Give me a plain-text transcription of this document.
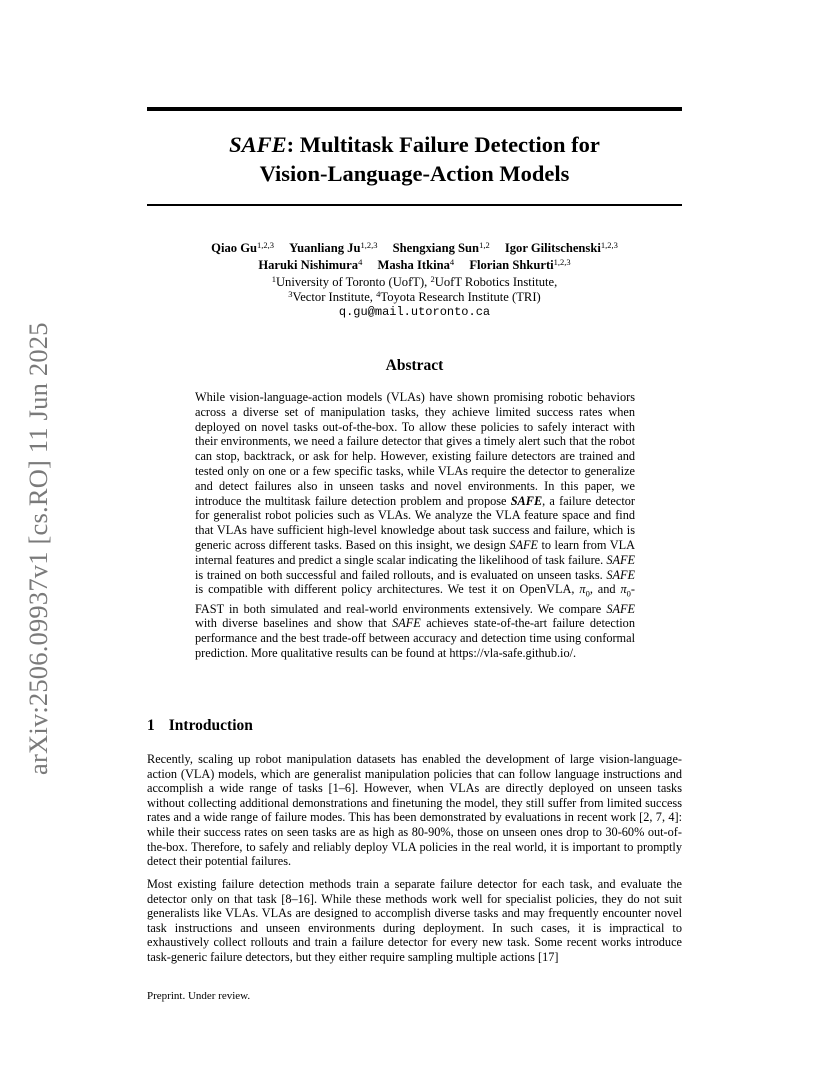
arXiv:2506.09937v1 [cs.RO] 11 Jun 2025
SAFE: Multitask Failure Detection for
Vision-Language-Action Models
Qiao Gu$^{1,2,3}$ Yuanliang Ju$^{1,2,3}$ Shengxiang Sun$^{1,2}$ Igor Gilitschenski$^{1,2,3}$
Haruki Nishimura$^4$ Masha Itkina$^4$ Florian Shkurti$^{1,2,3}$
$^1$University of Toronto (UofT), $^2$UofT Robotics Institute,
$^3$Vector Institute, $^4$Toyota Research Institute (TRI)
q.gu@mail.utoronto.ca
Abstract

While vision-language-action models (VLAs) have shown promising robotic behaviors across a diverse set of manipulation tasks, they achieve limited success rates when deployed on novel tasks out-of-the-box. To allow these policies to safely interact with their environments, we need a failure detector that gives a timely alert such that the robot can stop, backtrack, or ask for help. However, existing failure detectors are trained and tested only on one or a few specific tasks, while VLAs require the detector to generalize and detect failures also in unseen tasks and novel environments. In this paper, we introduce the multitask failure detection problem and propose SAFE, a failure detector for generalist robot policies such as VLAs. We analyze the VLA feature space and find that VLAs have sufficient high-level knowledge about task success and failure, which is generic across different tasks. Based on this insight, we design SAFE to learn from VLA internal features and predict a single scalar indicating the likelihood of task failure. SAFE is trained on both successful and failed rollouts, and is evaluated on unseen tasks. SAFE is compatible with different policy architectures. We test it on OpenVLA, $\pi_0$, and $\pi_0$-FAST in both simulated and real-world environments extensively. We compare SAFE with diverse baselines and show that SAFE achieves state-of-the-art failure detection performance and the best trade-off between accuracy and detection time using conformal prediction. More qualitative results can be found at https://vla-safe.github.io/.

1 Introduction

Recently, scaling up robot manipulation datasets has enabled the development of large vision-language-action (VLA) models, which are generalist manipulation policies that can follow language instructions and accomplish a wide range of tasks [1–6]. However, when VLAs are directly deployed on unseen tasks without collecting additional demonstrations and finetuning the model, they still suffer from limited success rates and a wide range of failure modes. This has been demonstrated by evaluations in recent work [2, 7, 4]: while their success rates on seen tasks are as high as 80-90%, those on unseen ones drop to 30-60% out-of-the-box. Therefore, to safely and reliably deploy VLA policies in the real world, it is important to promptly detect their potential failures.

Most existing failure detection methods train a separate failure detector for each task, and evaluate the detector only on that task [8–16]. While these methods work well for specialist policies, they do not suit generalists like VLAs. VLAs are designed to accomplish diverse tasks and may frequently encounter novel task instructions and unseen environments during deployment. In such cases, it is impractical to exhaustively collect rollouts and train a failure detector for every new task. Some recent works introduce task-generic failure detectors, but they either require sampling multiple actions [17]

Preprint. Under review.
